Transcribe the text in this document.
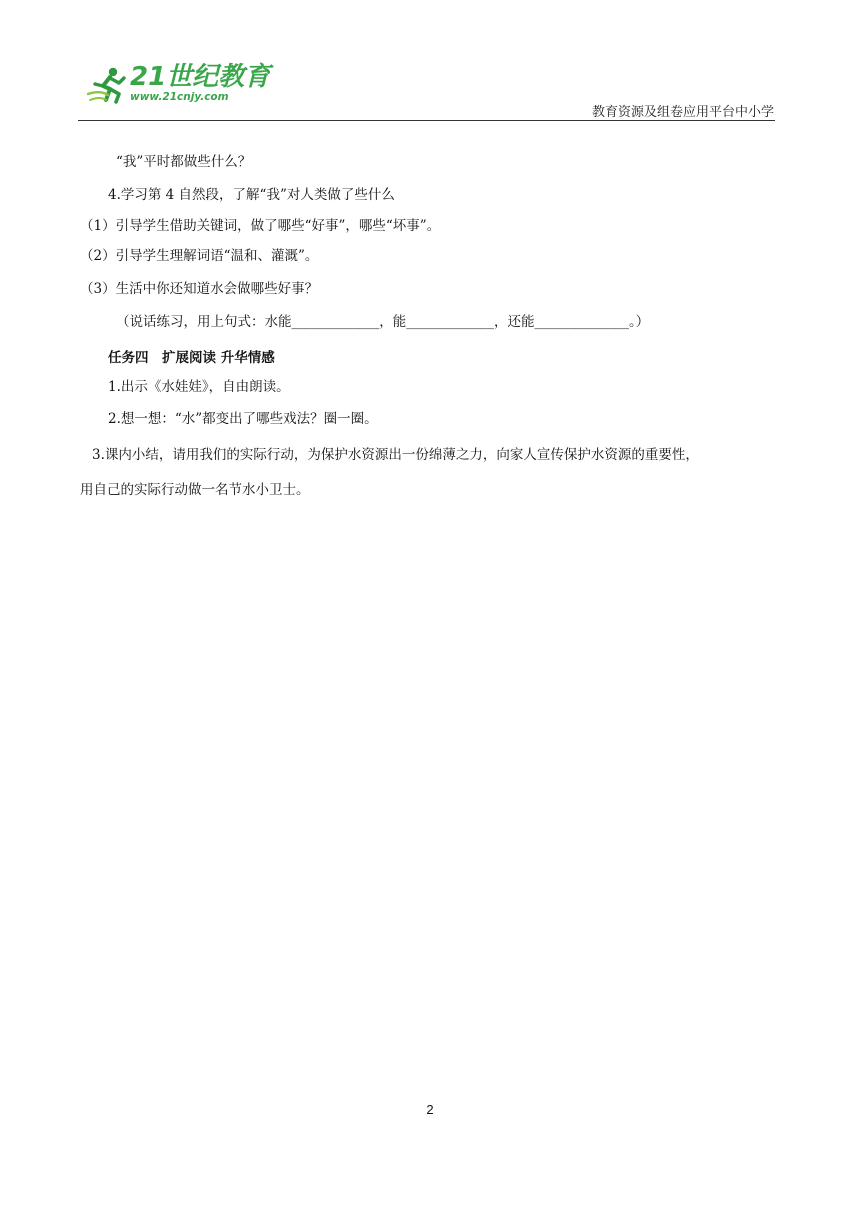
21世纪教育
www.21cnjy.com
教育资源及组卷应用平台中小学
“我”平时都做些什么？
4.学习第 4 自然段，了解“我”对人类做了些什么
（1）引导学生借助关键词，做了哪些“好事”，哪些“坏事”。
（2）引导学生理解词语“温和、灌溉”。
（3）生活中你还知道水会做哪些好事？
（说话练习，用上句式：水能_____________，能_____________，还能______________。）
任务四　扩展阅读 升华情感
1.出示《水娃娃》，自由朗读。
2.想一想：“水”都变出了哪些戏法？圈一圈。
3.课内小结，请用我们的实际行动，为保护水资源出一份绵薄之力，向家人宣传保护水资源的重要性，
用自己的实际行动做一名节水小卫士。
2
